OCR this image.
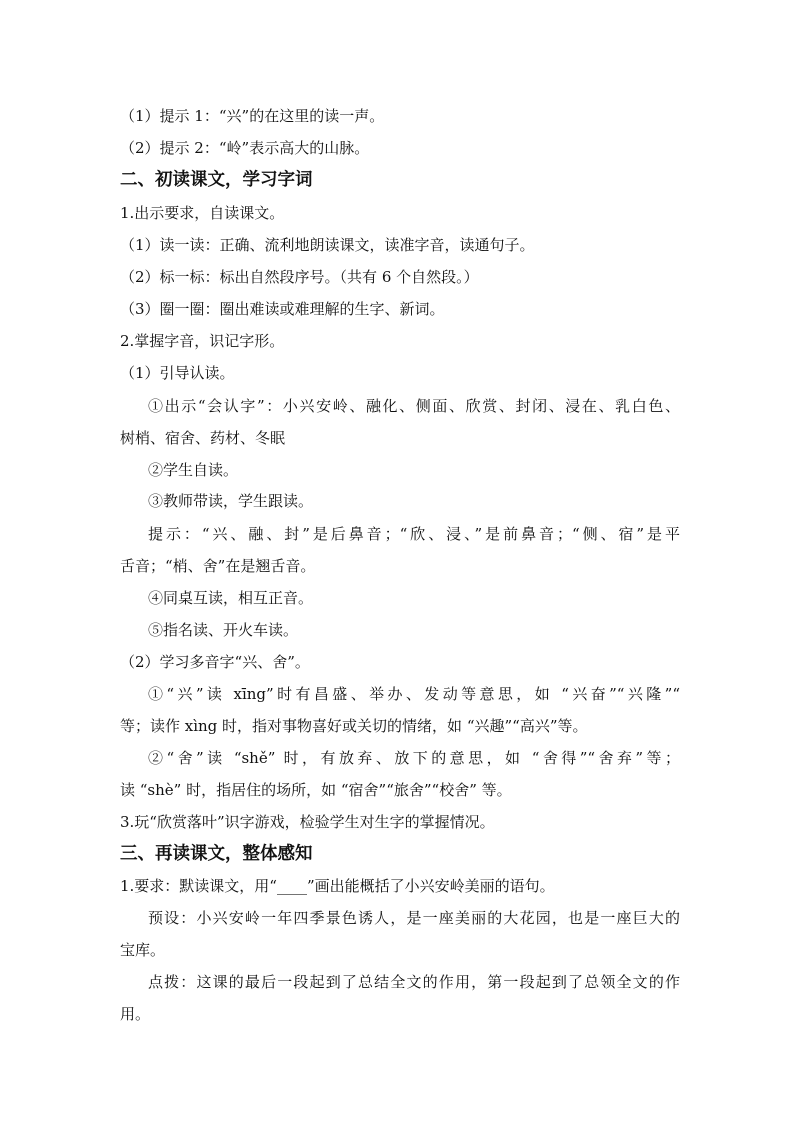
（1）提示 1：“兴”的在这里的读一声。
（2）提示 2：“岭”表示高大的山脉。
二、初读课文，学习字词
1.出示要求，自读课文。
（1）读一读：正确、流利地朗读课文，读准字音，读通句子。
（2）标一标：标出自然段序号。（共有 6 个自然段。）
（3）圈一圈：圈出难读或难理解的生字、新词。
2.掌握字音，识记字形。
（1）引导认读。
①出示“会认字”：小兴安岭、融化、侧面、欣赏、封闭、浸在、乳白色、
树梢、宿舍、药材、冬眠
②学生自读。
③教师带读，学生跟读。
提示：“兴、融、封”是后鼻音；“欣、浸、”是前鼻音；“侧、宿”是平
舌音；“梢、舍”在是翘舌音。
④同桌互读，相互正音。
⑤指名读、开火车读。
（2）学习多音字“兴、舍”。
①“兴”读 xīng”时有昌盛、举办、发动等意思，如 “兴奋”“兴隆”“
等；读作 xìng 时，指对事物喜好或关切的情绪，如 “兴趣”“高兴”等。
②“舍”读 “shě” 时，有放弃、放下的意思，如 “舍得”“舍弃”等；
读 “shè” 时，指居住的场所，如 “宿舍”“旅舍”“校舍” 等。
3.玩“欣赏落叶”识字游戏，检验学生对生字的掌握情况。
三、再读课文，整体感知
1.要求：默读课文，用“____”画出能概括了小兴安岭美丽的语句。
预设：小兴安岭一年四季景色诱人，是一座美丽的大花园，也是一座巨大的
宝库。
点拨：这课的最后一段起到了总结全文的作用，第一段起到了总领全文的作
用。
